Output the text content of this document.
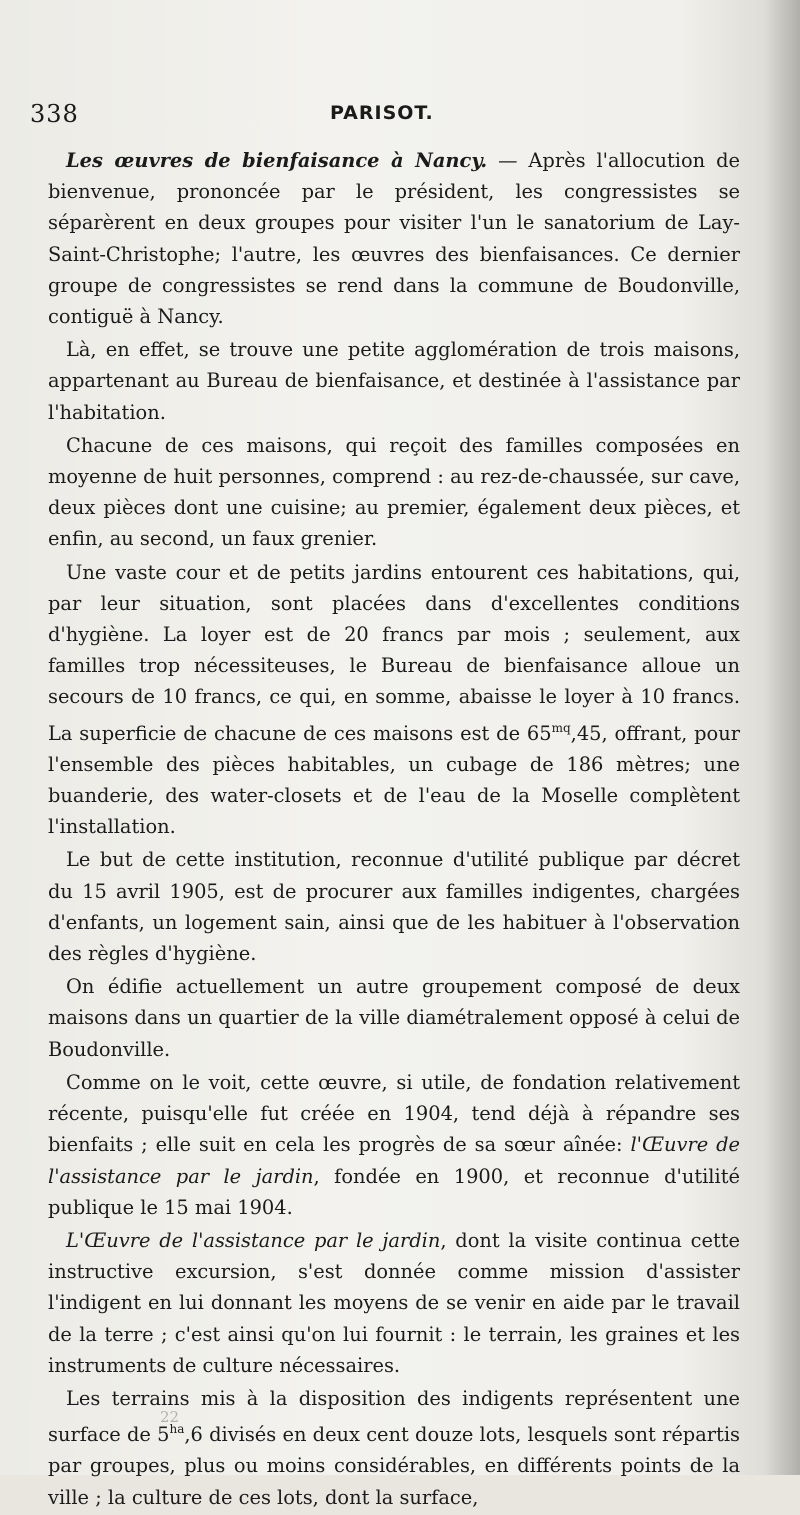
338	PARISOT.

Les œuvres de bienfaisance à Nancy. — Après l'allocution de bienvenue, prononcée par le président, les congressistes se séparèrent en deux groupes pour visiter l'un le sanatorium de Lay-Saint-Christophe; l'autre, les œuvres des bienfaisances. Ce dernier groupe de congressistes se rend dans la commune de Boudonville, contiguë à Nancy.

Là, en effet, se trouve une petite agglomération de trois maisons, appartenant au Bureau de bienfaisance, et destinée à l'assistance par l'habitation.

Chacune de ces maisons, qui reçoit des familles composées en moyenne de huit personnes, comprend : au rez-de-chaussée, sur cave, deux pièces dont une cuisine; au premier, également deux pièces, et enfin, au second, un faux grenier.

Une vaste cour et de petits jardins entourent ces habitations, qui, par leur situation, sont placées dans d'excellentes conditions d'hygiène. La loyer est de 20 francs par mois ; seulement, aux familles trop nécessiteuses, le Bureau de bienfaisance alloue un secours de 10 francs, ce qui, en somme, abaisse le loyer à 10 francs. La superficie de chacune de ces maisons est de $65^{mq},45$, offrant, pour l'ensemble des pièces habitables, un cubage de 186 mètres; une buanderie, des water-closets et de l'eau de la Moselle complètent l'installation.

Le but de cette institution, reconnue d'utilité publique par décret du 15 avril 1905, est de procurer aux familles indigentes, chargées d'enfants, un logement sain, ainsi que de les habituer à l'observation des règles d'hygiène.

On édifie actuellement un autre groupement composé de deux maisons dans un quartier de la ville diamétralement opposé à celui de Boudonville.

Comme on le voit, cette œuvre, si utile, de fondation relativement récente, puisqu'elle fut créée en 1904, tend déjà à répandre ses bienfaits ; elle suit en cela les progrès de sa sœur aînée: l'Œuvre de l'assistance par le jardin, fondée en 1900, et reconnue d'utilité publique le 15 mai 1904.

L'Œuvre de l'assistance par le jardin, dont la visite continua cette instructive excursion, s'est donnée comme mission d'assister l'indigent en lui donnant les moyens de se venir en aide par le travail de la terre ; c'est ainsi qu'on lui fournit : le terrain, les graines et les instruments de culture nécessaires.

Les terrains mis à la disposition des indigents représentent une surface de $5^{ha},6$ divisés en deux cent douze lots, lesquels sont répartis par groupes, plus ou moins considérables, en différents points de la ville ; la culture de ces lots, dont la surface,

22
